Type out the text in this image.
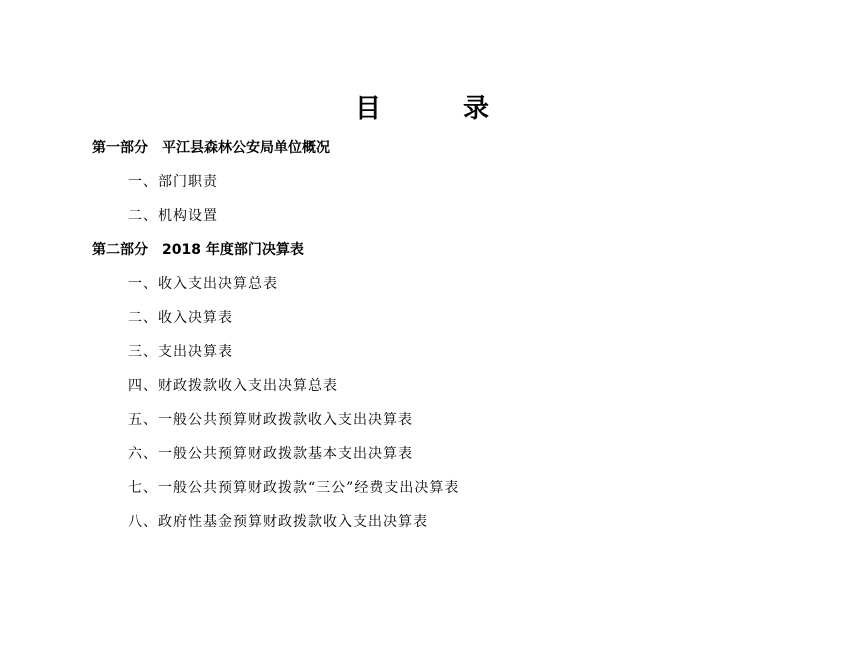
目　录
第一部分 平江县森林公安局单位概况
一、部门职责
二、机构设置
第二部分 2018 年度部门决算表
一、收入支出决算总表
二、收入决算表
三、支出决算表
四、财政拨款收入支出决算总表
五、一般公共预算财政拨款收入支出决算表
六、一般公共预算财政拨款基本支出决算表
七、一般公共预算财政拨款“三公”经费支出决算表
八、政府性基金预算财政拨款收入支出决算表
